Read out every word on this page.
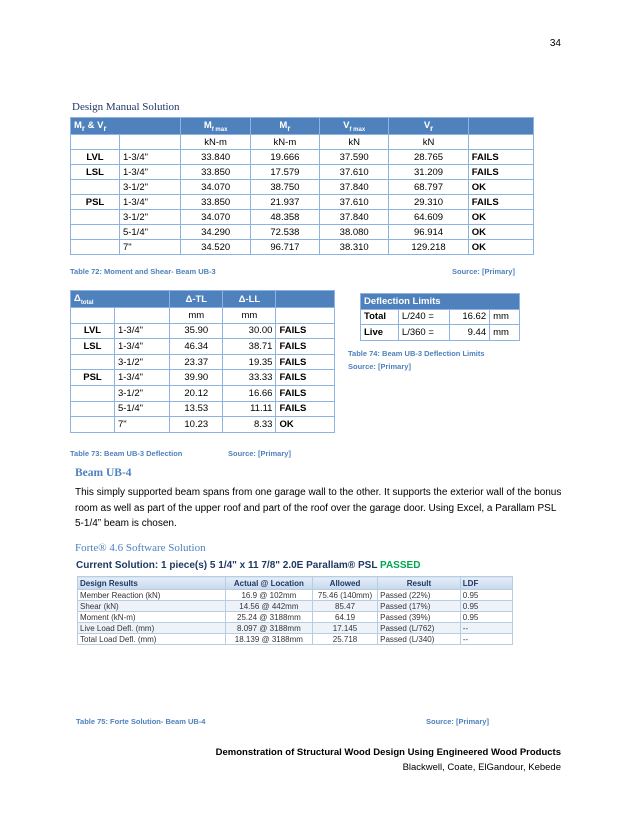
34
Design Manual Solution
$M_r$ & $V_r$		$M_{f max}$	$M_r$	$V_{f max}$	$V_r$	
		kN-m	kN-m	kN	kN	
LVL	1-3/4"	33.840	19.666	37.590	28.765	FAILS
LSL	1-3/4"	33.850	17.579	37.610	31.209	FAILS
	3-1/2"	34.070	38.750	37.840	68.797	OK
PSL	1-3/4"	33.850	21.937	37.610	29.310	FAILS
	3-1/2"	34.070	48.358	37.840	64.609	OK
	5-1/4"	34.290	72.538	38.080	96.914	OK
	7"	34.520	96.717	38.310	129.218	OK
Table 72: Moment and Shear- Beam UB-3	Source: [Primary]
$\Delta_{total}$		Δ-TL	Δ-LL	
		mm	mm	
LVL	1-3/4"	35.90	30.00	FAILS
LSL	1-3/4"	46.34	38.71	FAILS
	3-1/2"	23.37	19.35	FAILS
PSL	1-3/4"	39.90	33.33	FAILS
	3-1/2"	20.12	16.66	FAILS
	5-1/4"	13.53	11.11	FAILS
	7"	10.23	8.33	OK
Table 73: Beam UB-3 Deflection	Source: [Primary]
Deflection Limits			
Total	L/240 =	16.62	mm
Live	L/360 =	9.44	mm
Table 74: Beam UB-3 Deflection Limits
Source: [Primary]
Beam UB-4
This simply supported beam spans from one garage wall to the other. It supports the exterior wall of the bonus room as well as part of the upper roof and part of the roof over the garage door. Using Excel, a Parallam PSL 5-1/4” beam is chosen.
Forte® 4.6 Software Solution
Current Solution: 1 piece(s) 5 1/4" x 11 7/8" 2.0E Parallam® PSL PASSED
Design Results	Actual @ Location	Allowed	Result	LDF
Member Reaction (kN)	16.9 @ 102mm	75.46 (140mm)	Passed (22%)	0.95
Shear (kN)	14.56 @ 442mm	85.47	Passed (17%)	0.95
Moment (kN-m)	25.24 @ 3188mm	64.19	Passed (39%)	0.95
Live Load Defl. (mm)	8.097 @ 3188mm	17.145	Passed (L/762)	--
Total Load Defl. (mm)	18.139 @ 3188mm	25.718	Passed (L/340)	--
Table 75: Forte Solution- Beam UB-4	Source: [Primary]
Demonstration of Structural Wood Design Using Engineered Wood Products
Blackwell, Coate, ElGandour, Kebede
